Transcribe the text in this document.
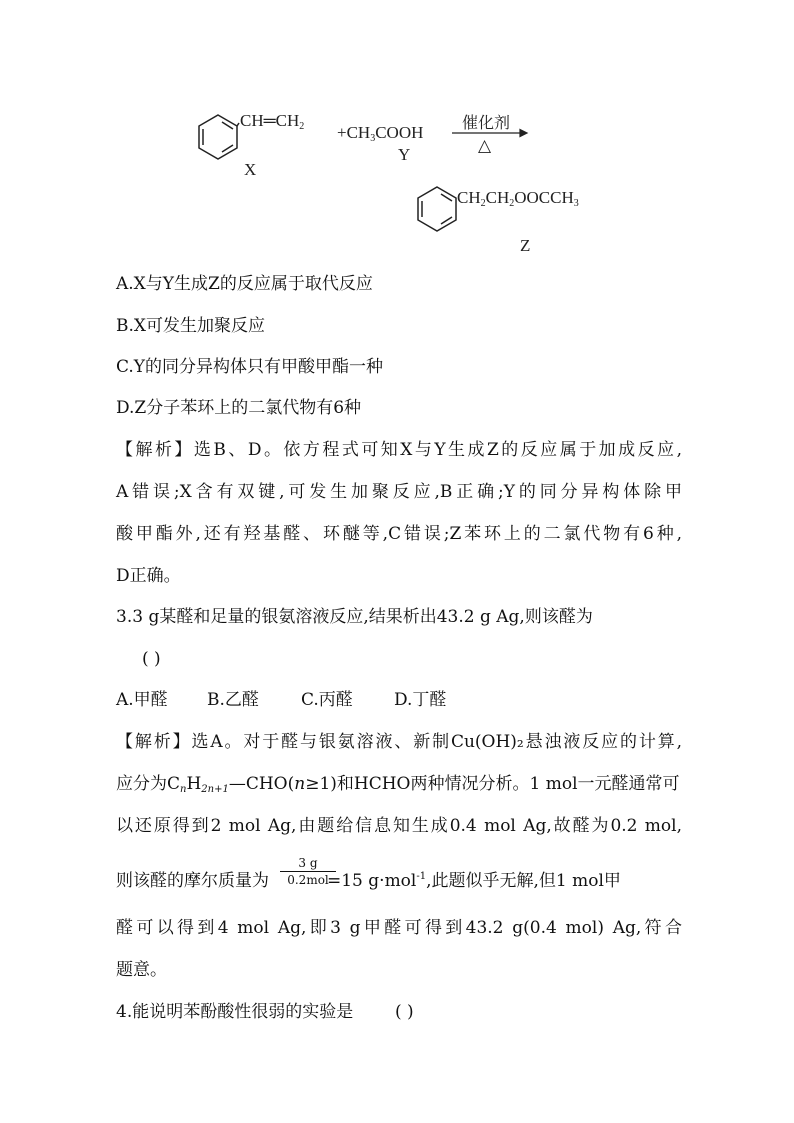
$CH═CH_2$
X
$+CH_3COOH$
Y
催化剂
△
$CH_2CH_2OOCCH_3$
Z
A.X与Y生成Z的反应属于取代反应
B.X可发生加聚反应
C.Y的同分异构体只有甲酸甲酯一种
D.Z分子苯环上的二氯代物有6种
【解析】选B、D。依方程式可知X与Y生成Z的反应属于加成反应,
A错误;X含有双键,可发生加聚反应,B正确;Y的同分异构体除甲
酸甲酯外,还有羟基醛、环醚等,C错误;Z苯环上的二氯代物有6种,
D正确。
3.3 g某醛和足量的银氨溶液反应,结果析出43.2 g Ag,则该醛为
( )
A.甲醛 B.乙醛 C.丙醛 D.丁醛
【解析】选A。对于醛与银氨溶液、新制Cu(OH)₂悬浊液反应的计算,
应分为$C_nH_{2n+1}—CHO(n\ge 1)$和HCHO两种情况分析。1 mol一元醛通常可
以还原得到2 mol Ag,由题给信息知生成0.4 mol Ag,故醛为0.2 mol,
则该醛的摩尔质量为	=15 g·mol$^{-1}$,此题似乎无解,但1 mol甲
3 g
0.2mol
醛可以得到4 mol Ag,即3 g甲醛可得到43.2 g(0.4 mol) Ag,符合
题意。
4.能说明苯酚酸性很弱的实验是 ( )
